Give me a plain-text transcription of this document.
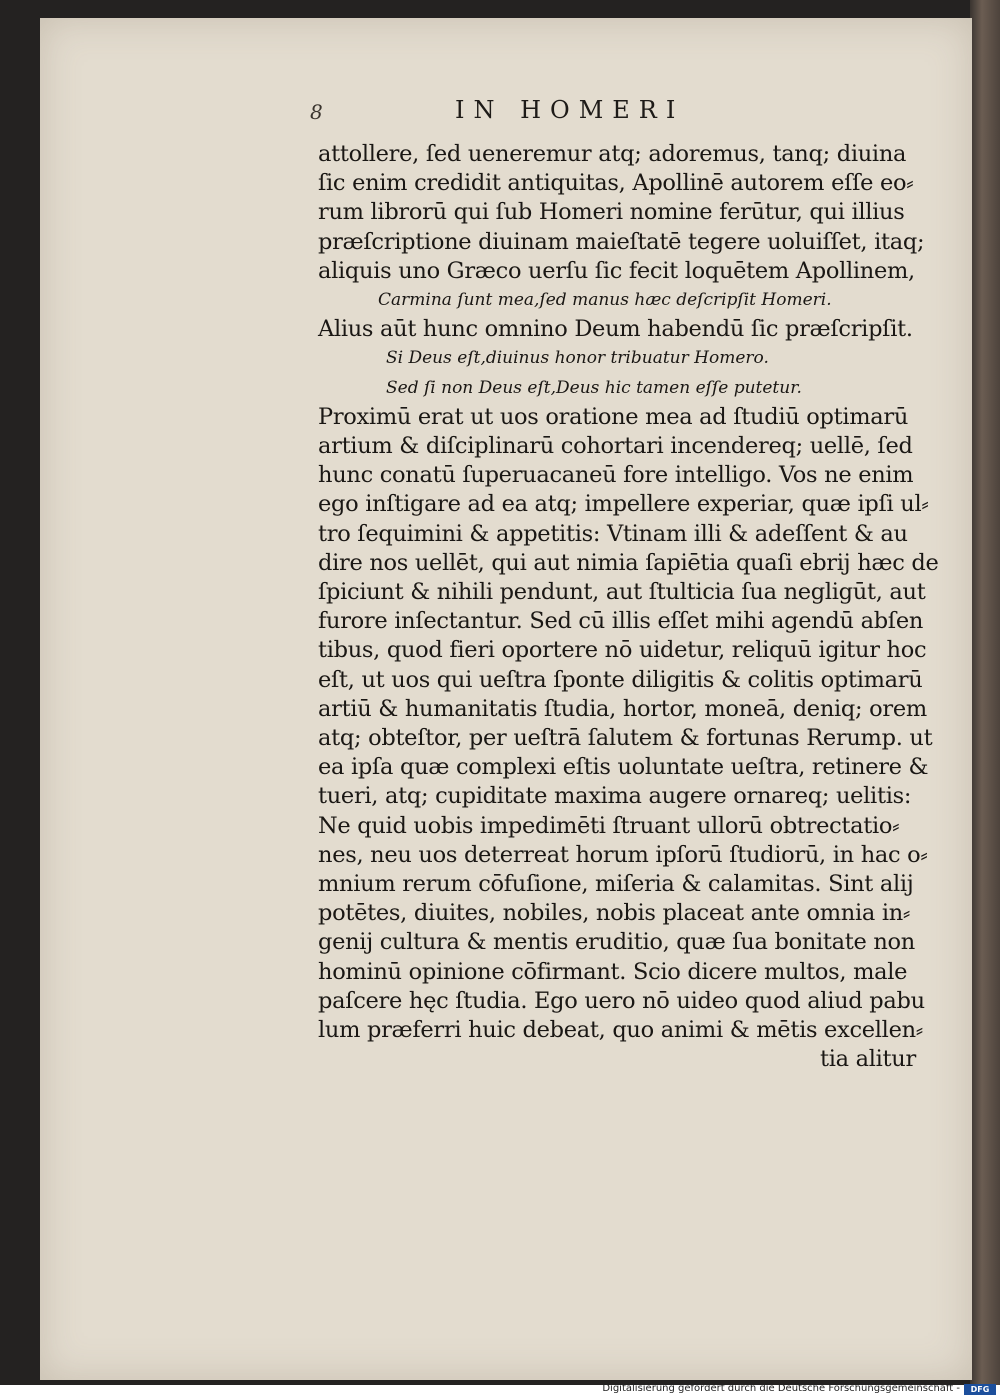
8	IN HOMERI
attollere, ſed ueneremur atq; adoremus, tanq; diuina
ſic enim credidit antiquitas, Apollinē autorem eſſe eo⸗
rum librorū qui ſub Homeri nomine ferūtur, qui illius
præſcriptione diuinam maieſtatē tegere uoluiſſet, itaq;
aliquis uno Græco uerſu ſic fecit loquētem Apollinem,
Carmina ſunt mea,ſed manus hæc deſcripſit Homeri.
Alius aūt hunc omnino Deum habendū ſic præſcripſit.
Si Deus eſt,diuinus honor tribuatur Homero.
Sed ſi non Deus eſt,Deus hic tamen eſſe putetur.
Proximū erat ut uos oratione mea ad ſtudiū optimarū
artium & diſciplinarū cohortari incendereq; uellē, ſed
hunc conatū ſuperuacaneū fore intelligo. Vos ne enim
ego inſtigare ad ea atq; impellere experiar, quæ ipſi ul⸗
tro ſequimini & appetitis: Vtinam illi & adeſſent & au
dire nos uellēt, qui aut nimia ſapiētia quaſi ebrij hæc de
ſpiciunt & nihili pendunt, aut ſtulticia ſua negligūt, aut
furore inſectantur. Sed cū illis eſſet mihi agendū abſen
tibus, quod fieri oportere nō uidetur, reliquū igitur hoc
eſt, ut uos qui ueſtra ſponte diligitis & colitis optimarū
artiū & humanitatis ſtudia, hortor, moneā, deniq; orem
atq; obteſtor, per ueſtrā ſalutem & fortunas Rerump. ut
ea ipſa quæ complexi eſtis uoluntate ueſtra, retinere &
tueri, atq; cupiditate maxima augere ornareq; uelitis:
Ne quid uobis impedimēti ſtruant ullorū obtrectatio⸗
nes, neu uos deterreat horum ipſorū ſtudiorū, in hac o⸗
mnium rerum cōfuſione, miſeria & calamitas. Sint alij
potētes, diuites, nobiles, nobis placeat ante omnia in⸗
genij cultura & mentis eruditio, quæ ſua bonitate non
hominū opinione cōfirmant. Scio dicere multos, male
paſcere hęc ſtudia. Ego uero nō uideo quod aliud pabu
lum præferri huic debeat, quo animi & mētis excellen⸗
tia alitur
Digitalisierung gefördert durch die Deutsche Forschungsgemeinschaft -	DFG
